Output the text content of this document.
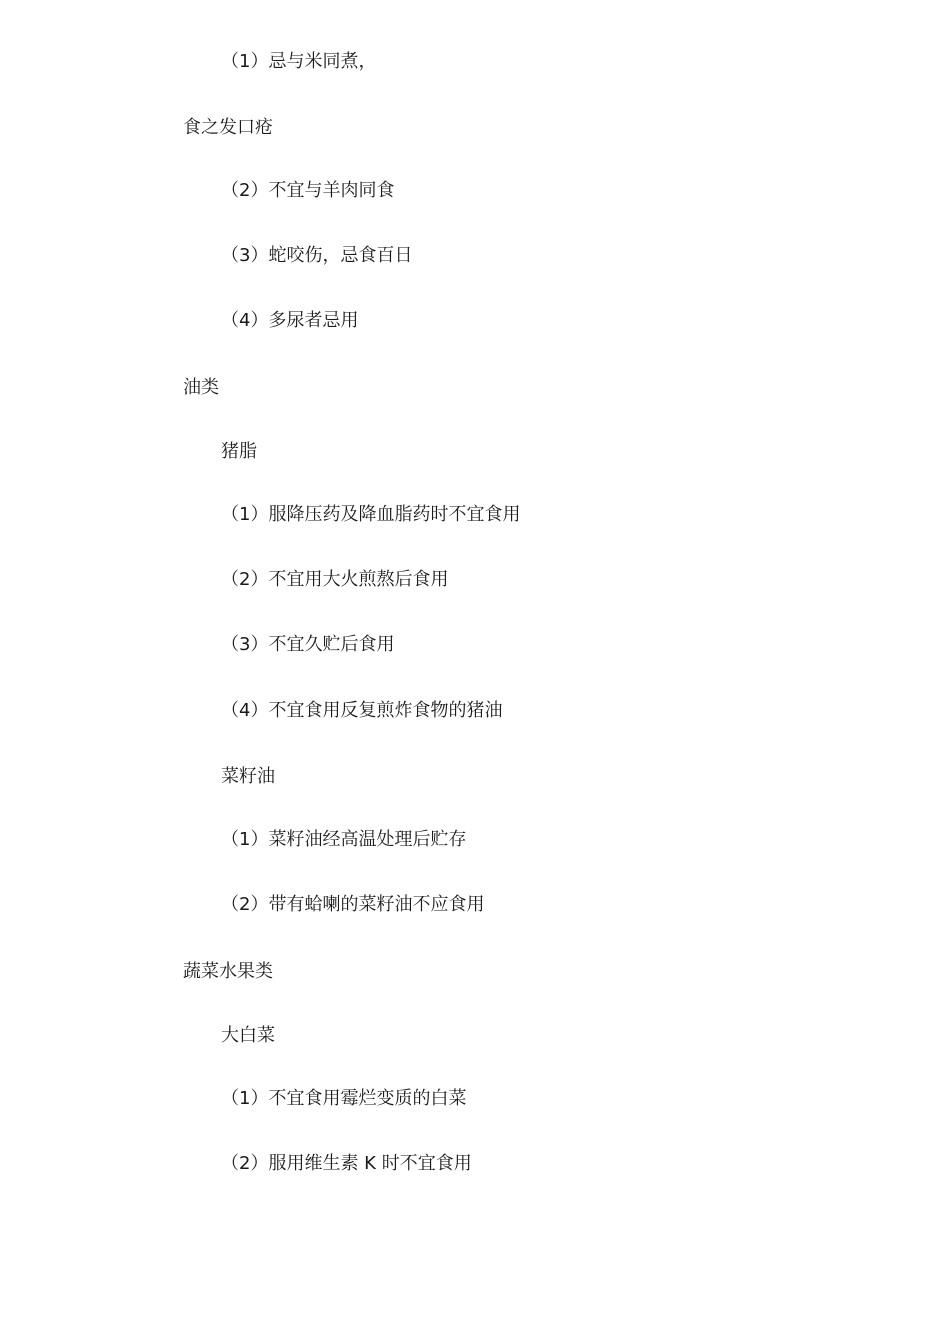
（1）忌与米同煮，

食之发口疮

（2）不宜与羊肉同食

（3）蛇咬伤，忌食百日

（4）多尿者忌用

油类

猪脂

（1）服降压药及降血脂药时不宜食用

（2）不宜用大火煎熬后食用

（3）不宜久贮后食用

（4）不宜食用反复煎炸食物的猪油

菜籽油

（1）菜籽油经高温处理后贮存

（2）带有蛤喇的菜籽油不应食用

蔬菜水果类

大白菜

（1）不宜食用霉烂变质的白菜

（2）服用维生素 K 时不宜食用
